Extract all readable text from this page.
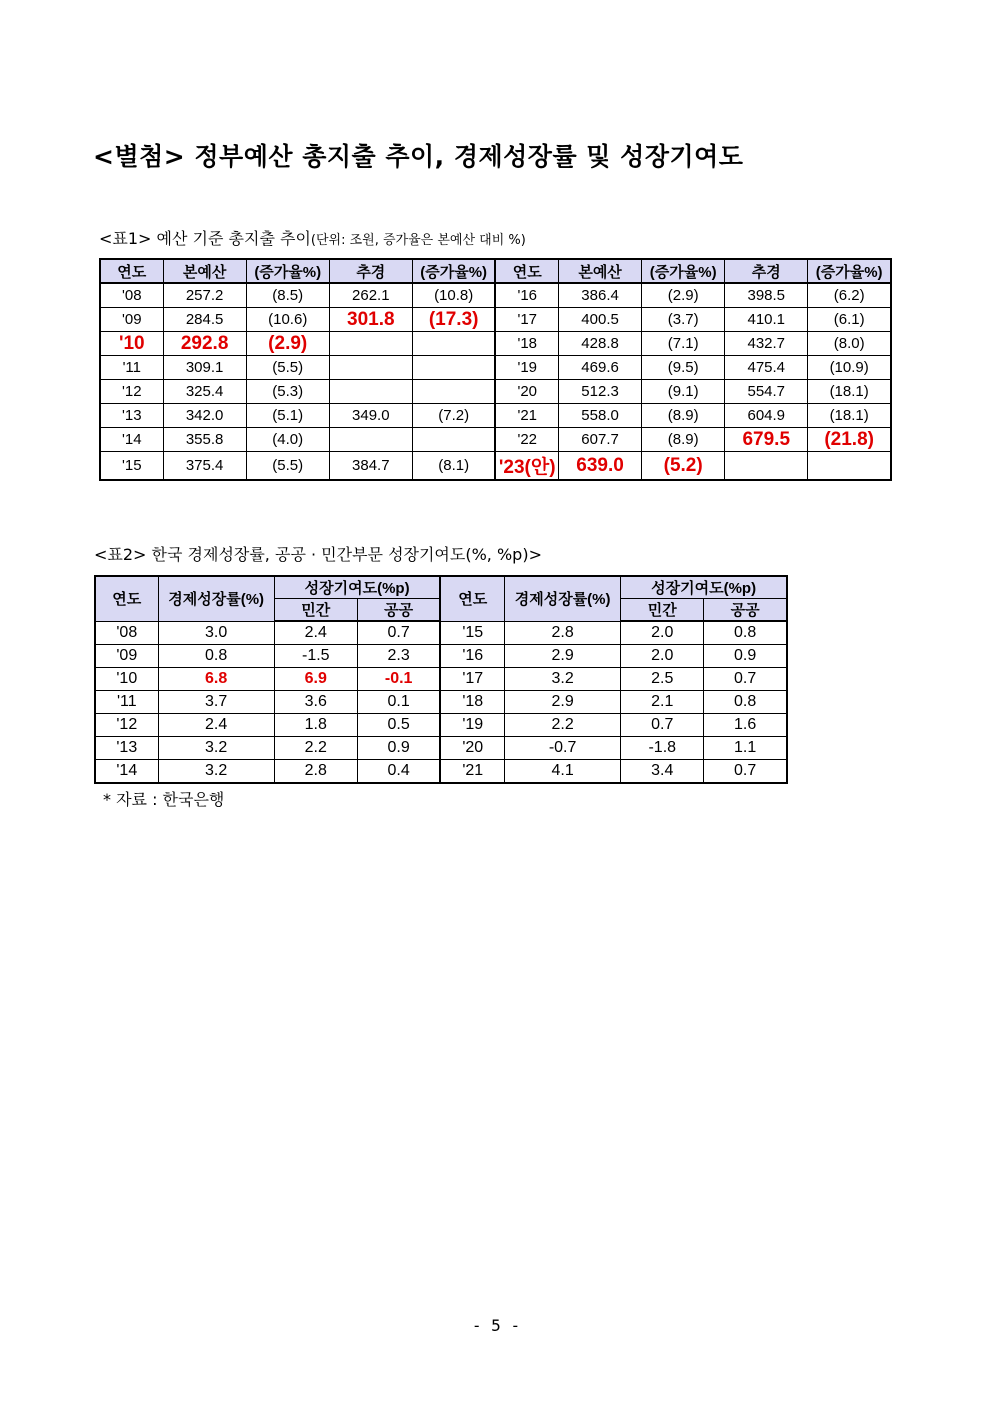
<별첨> 정부예산 총지출 추이, 경제성장률 및 성장기여도
<표1> 예산 기준 총지출 추이(단위: 조원, 증가율은 본예산 대비 %)
연도	본예산	(증가율%)	추경	(증가율%)	연도	본예산	(증가율%)	추경	(증가율%)
'08	257.2	(8.5)	262.1	(10.8)	'16	386.4	(2.9)	398.5	(6.2)
'09	284.5	(10.6)	301.8	(17.3)	'17	400.5	(3.7)	410.1	(6.1)
'10	292.8	(2.9)			'18	428.8	(7.1)	432.7	(8.0)
'11	309.1	(5.5)			'19	469.6	(9.5)	475.4	(10.9)
'12	325.4	(5.3)			'20	512.3	(9.1)	554.7	(18.1)
'13	342.0	(5.1)	349.0	(7.2)	'21	558.0	(8.9)	604.9	(18.1)
'14	355.8	(4.0)			'22	607.7	(8.9)	679.5	(21.8)
'15	375.4	(5.5)	384.7	(8.1)	'23(안)	639.0	(5.2)		
<표2> 한국 경제성장률, 공공 · 민간부문 성장기여도(%, %p)>
연도	경제성장률(%)	성장기여도(%p)		연도	경제성장률(%)	성장기여도(%p)	
		민간	공공			민간	공공
'08	3.0	2.4	0.7	'15	2.8	2.0	0.8
'09	0.8	-1.5	2.3	'16	2.9	2.0	0.9
'10	6.8	6.9	-0.1	'17	3.2	2.5	0.7
'11	3.7	3.6	0.1	'18	2.9	2.1	0.8
'12	2.4	1.8	0.5	'19	2.2	0.7	1.6
'13	3.2	2.2	0.9	'20	-0.7	-1.8	1.1
'14	3.2	2.8	0.4	'21	4.1	3.4	0.7
* 자료 : 한국은행
- 5 -
